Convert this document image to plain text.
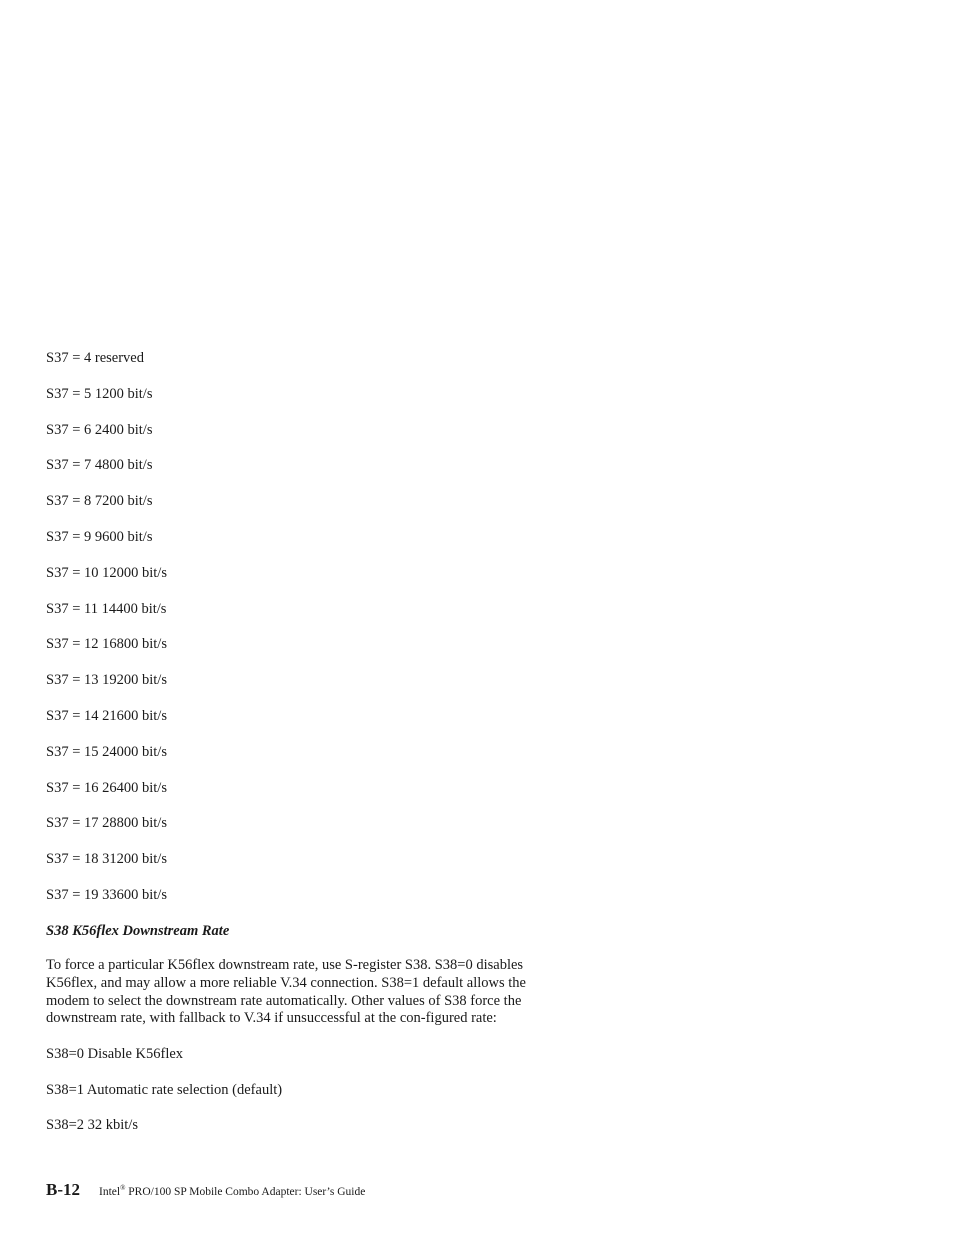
S37 = 4 reserved
S37 = 5 1200 bit/s
S37 = 6 2400 bit/s
S37 = 7 4800 bit/s
S37 = 8 7200 bit/s
S37 = 9 9600 bit/s
S37 = 10 12000 bit/s
S37 = 11 14400 bit/s
S37 = 12 16800 bit/s
S37 = 13 19200 bit/s
S37 = 14 21600 bit/s
S37 = 15 24000 bit/s
S37 = 16 26400 bit/s
S37 = 17 28800 bit/s
S37 = 18 31200 bit/s
S37 = 19 33600 bit/s
S38 K56flex Downstream Rate

To force a particular K56flex downstream rate, use S-register S38. S38=0 disables K56flex, and may allow a more reliable V.34 connection. S38=1 default allows the modem to select the downstream rate automatically. Other values of S38 force the downstream rate, with fallback to V.34 if unsuccessful at the con-figured rate:

S38=0 Disable K56flex
S38=1 Automatic rate selection (default)
S38=2 32 kbit/s
B-12 Intel® PRO/100 SP Mobile Combo Adapter: User’s Guide
